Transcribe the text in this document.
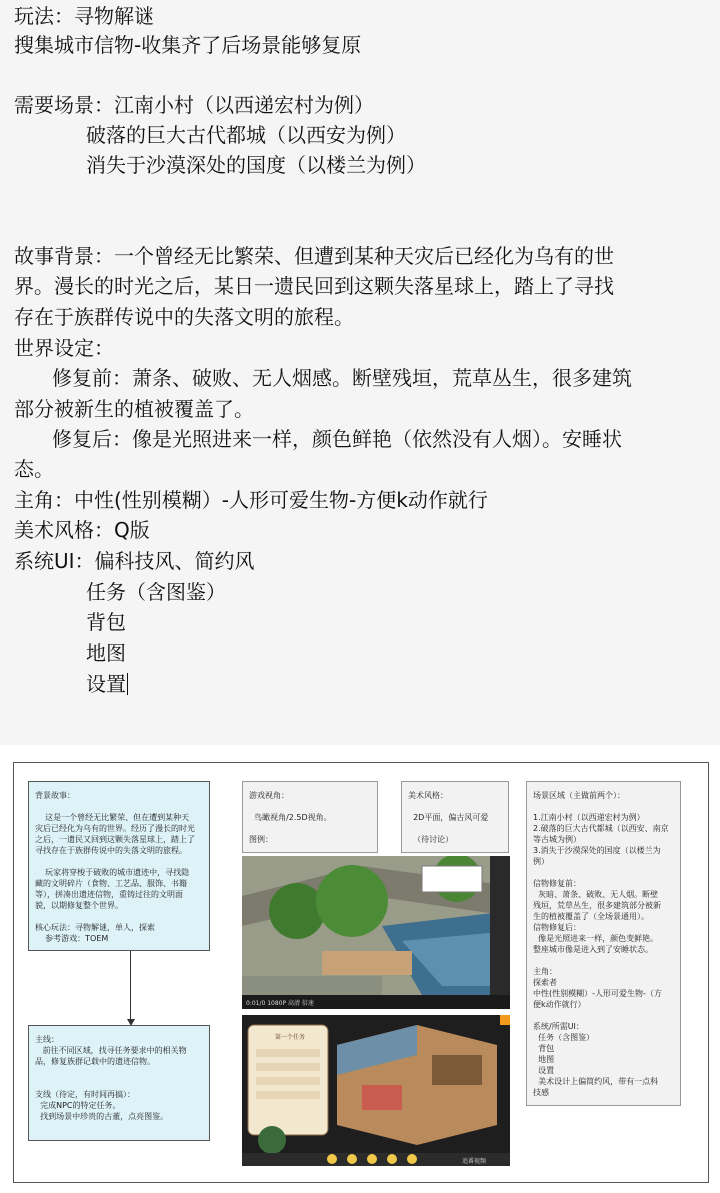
玩法：寻物解谜
搜集城市信物-收集齐了后场景能够复原
需要场景：江南小村（以西递宏村为例）
破落的巨大古代都城（以西安为例）
消失于沙漠深处的国度（以楼兰为例）
故事背景：一个曾经无比繁荣、但遭到某种天灾后已经化为乌有的世
界。漫长的时光之后，某日一遗民回到这颗失落星球上，踏上了寻找
存在于族群传说中的失落文明的旅程。
世界设定：
修复前：萧条、破败、无人烟感。断壁残垣，荒草丛生，很多建筑
部分被新生的植被覆盖了。
修复后：像是光照进来一样，颜色鲜艳（依然没有人烟）。安睡状
态。
主角：中性(性别模糊）-人形可爱生物-方便k动作就行
美术风格：Q版
系统UI：偏科技风、简约风
任务（含图鉴）
背包
地图
设置

背景故事：

这是一个曾经无比繁荣、但在遭到某种天
灾后已经化为乌有的世界。经历了漫长的时光
之后，一遗民又回到这颗失落星球上，踏上了
寻找存在于族群传说中的失落文明的旅程。

玩家将穿梭于破败的城市遗迹中，寻找隐
藏的文明碎片（食物、工艺品、服饰、书籍
等），拼凑出遗迹信物，重铸过往的文明面
貌，以期修复整个世界。

核心玩法：寻物解谜，单人，探索
参考游戏：TOEM

主线：
前往不同区域，找寻任务要求中的相关物
品，修复族群记载中的遗迹信物。

支线（待定，有时间再搞）：
完成NPC的特定任务。
找到场景中珍贵的古董，点亮图鉴。

游戏视角：

鸟瞰视角/2.5D视角。

图例：

美术风格：

2D平面，偏古风可爱

（待讨论）

0:01/0 1080P 高清 倍速
第一个任务
追番视频

场景区域（主做前两个）：

1.江南小村（以西递宏村为例）
2.破落的巨大古代都城（以西安、南京
等古城为例）
3.消失于沙漠深处的国度（以楼兰为
例）

信物修复前：
灰暗、萧条、破败、无人烟。断壁
残垣，荒草丛生，很多建筑部分被新
生的植被覆盖了（全场景通用）。
信物修复后：
像是光照进来一样，颜色变鲜艳。
整座城市像是进入到了安睡状态。

主角：
探索者
中性(性别模糊）-人形可爱生物-（方
便k动作就行）

系统/所需UI：
任务（含图鉴）
背包
地图
设置
美术设计上偏简约风，带有一点科
技感
